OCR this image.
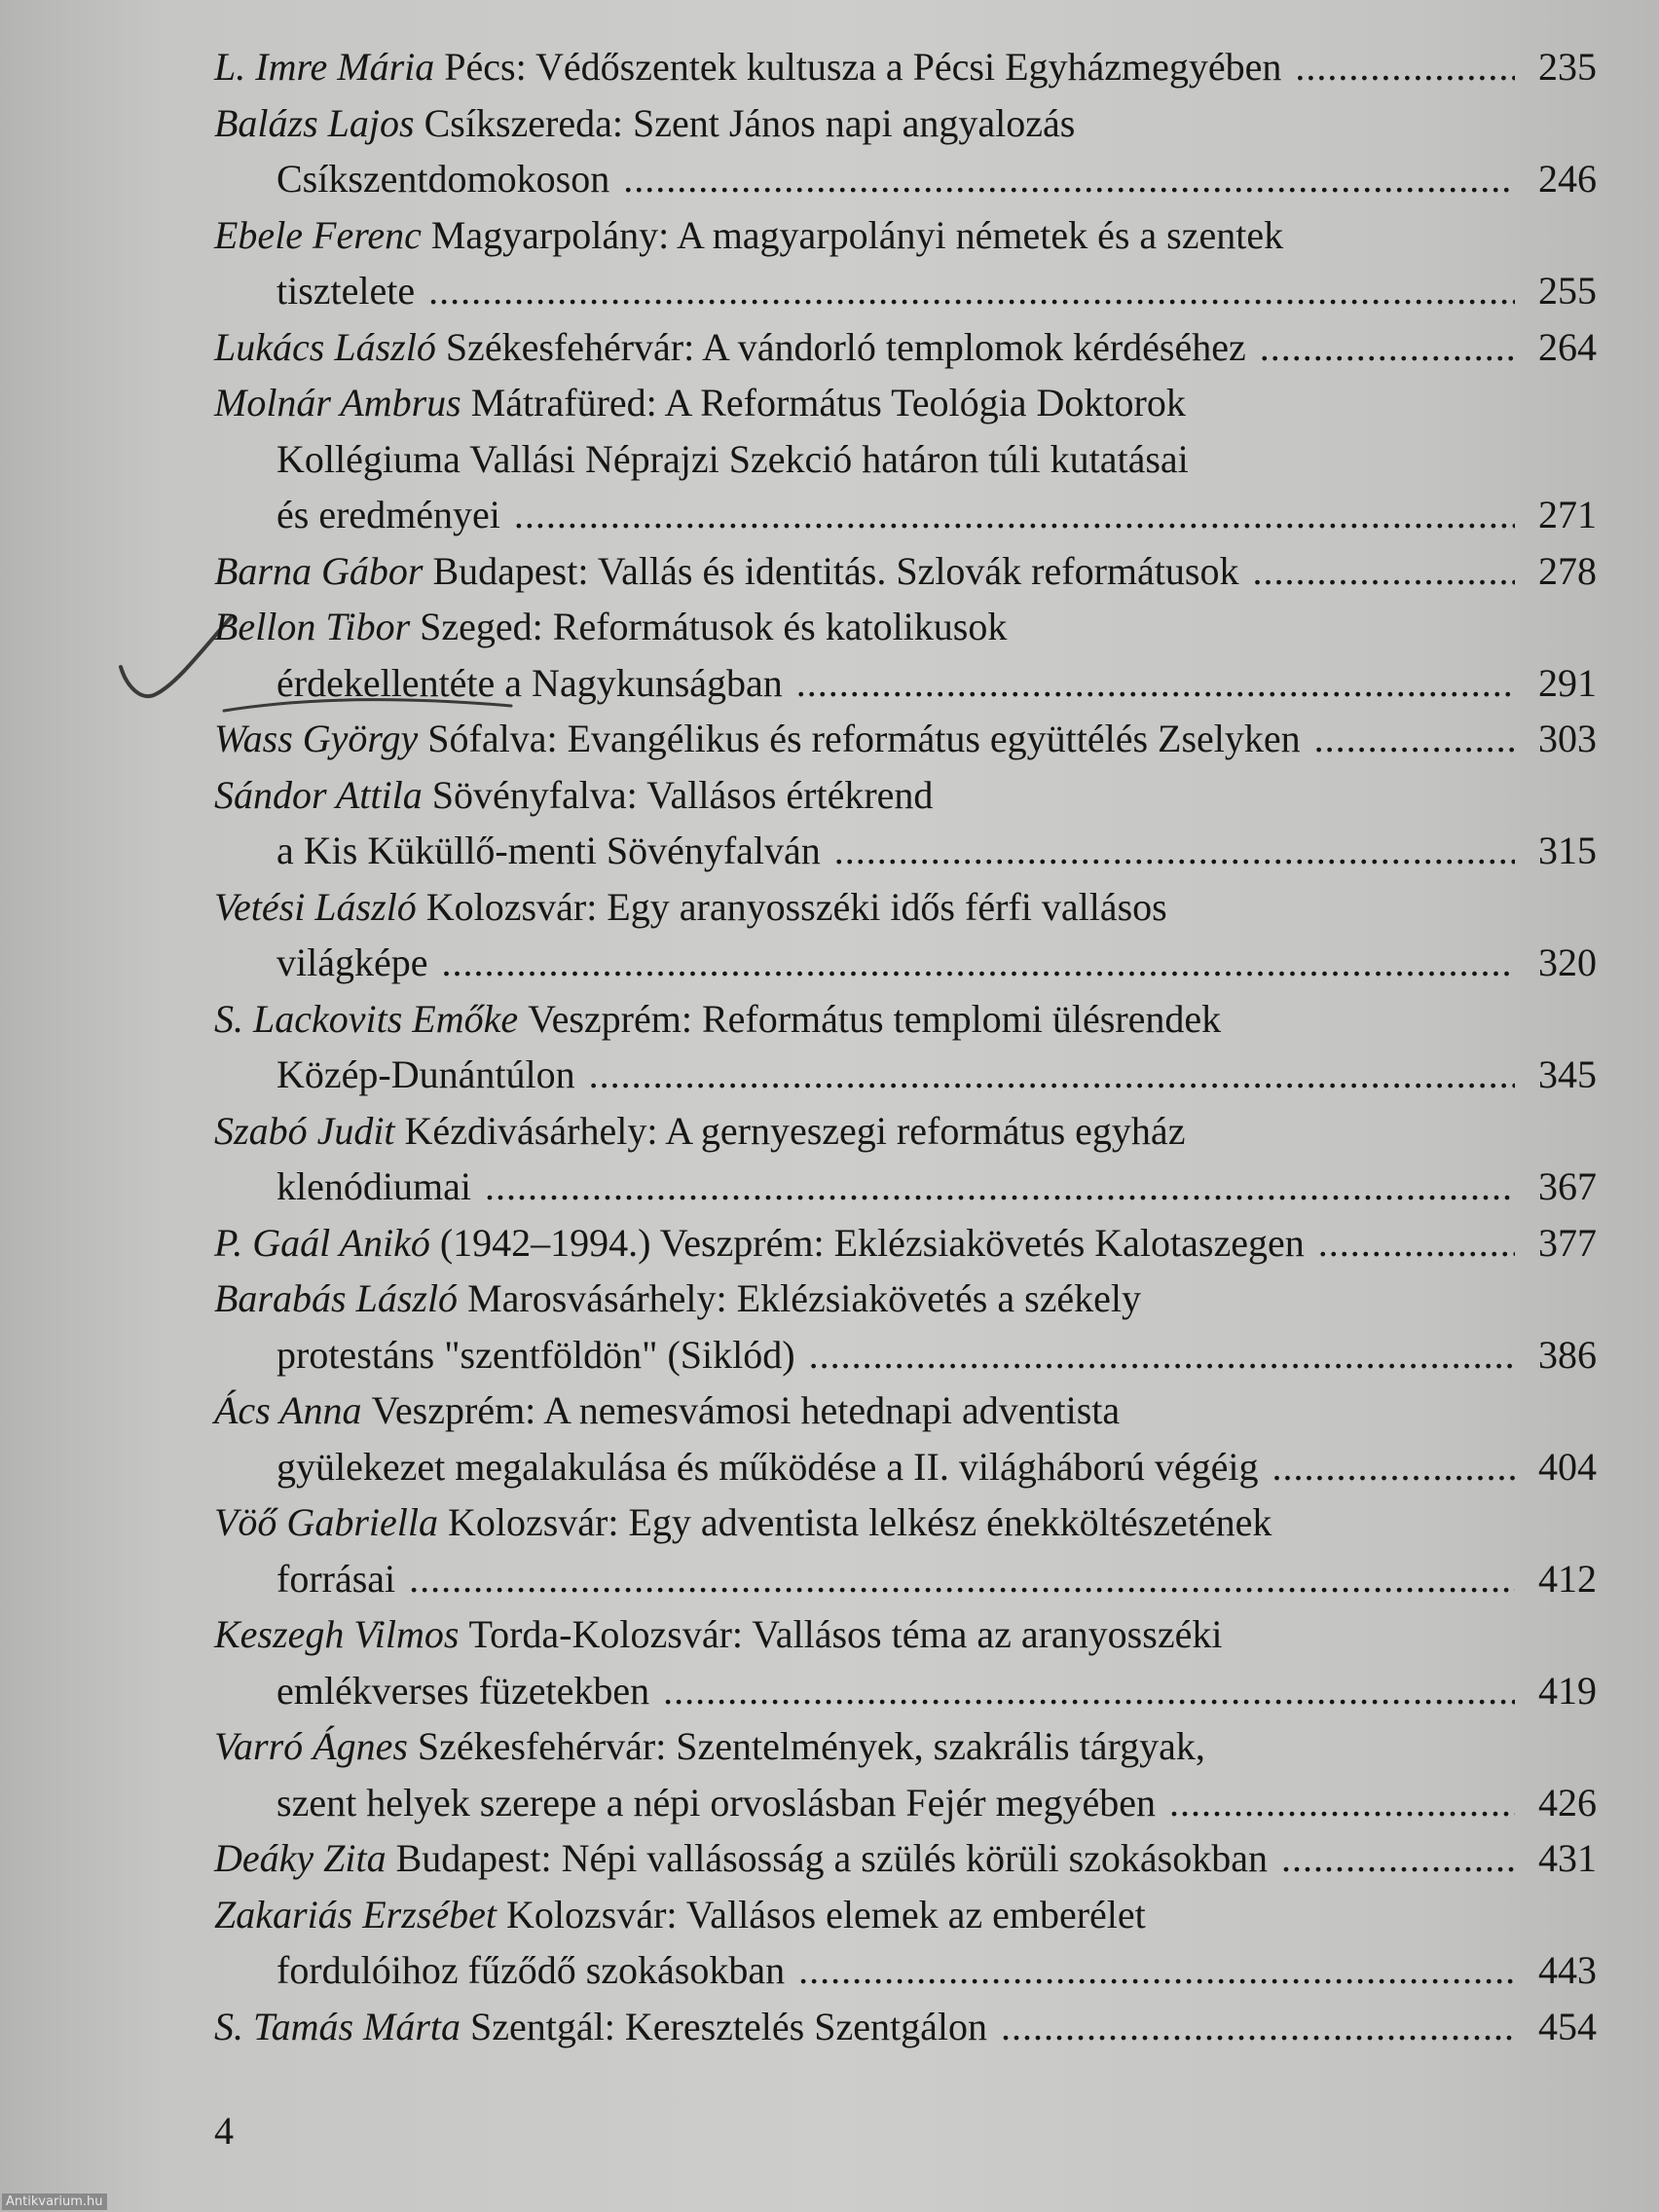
L. Imre Mária
Pécs: Védőszentek kultusza a Pécsi Egyházmegyében .....	235
Balázs Lajos
Csíkszereda: Szent János napi angyalozás
Csíkszentdomokoson .....	246
Ebele Ferenc
Magyarpolány: A magyarpolányi németek és a szentek
tisztelete .....	255
Lukács László
Székesfehérvár: A vándorló templomok kérdéséhez .....	264
Molnár Ambrus
Mátrafüred: A Református Teológia Doktorok
Kollégiuma Vallási Néprajzi Szekció határon túli kutatásai
és eredményei .....	271
Barna Gábor
Budapest: Vallás és identitás. Szlovák reformátusok .....	278
Bellon Tibor
Szeged: Reformátusok és katolikusok
érdekellentéte a Nagykunságban .....	291
Wass György
Sófalva: Evangélikus és református együttélés Zselyken .....	303
Sándor Attila
Sövényfalva: Vallásos értékrend
a Kis Küküllő-menti Sövényfalván .....	315
Vetési László
Kolozsvár: Egy aranyosszéki idős férfi vallásos
világképe .....	320
S. Lackovits Emőke
Veszprém: Református templomi ülésrendek
Közép-Dunántúlon .....	345
Szabó Judit
Kézdivásárhely: A gernyeszegi református egyház
klenódiumai .....	367
P. Gaál Anikó
(1942–1994.) Veszprém: Eklézsiakövetés Kalotaszegen .....	377
Barabás László
Marosvásárhely: Eklézsiakövetés a székely
protestáns "szentföldön" (Siklód) .....	386
Ács Anna
Veszprém: A nemesvámosi hetednapi adventista
gyülekezet megalakulása és működése a II. világháború végéig .....	404
Vöő Gabriella
Kolozsvár: Egy adventista lelkész énekköltészetének
forrásai .....	412
Keszegh Vilmos
Torda-Kolozsvár: Vallásos téma az aranyosszéki
emlékverses füzetekben .....	419
Varró Ágnes
Székesfehérvár: Szentelmények, szakrális tárgyak,
szent helyek szerepe a népi orvoslásban Fejér megyében .....	426
Deáky Zita
Budapest: Népi vallásosság a szülés körüli szokásokban .....	431
Zakariás Erzsébet
Kolozsvár: Vallásos elemek az emberélet
fordulóihoz fűződő szokásokban .....	443
S. Tamás Márta
Szentgál: Keresztelés Szentgálon .....	454
4
Antikvarium.hu
